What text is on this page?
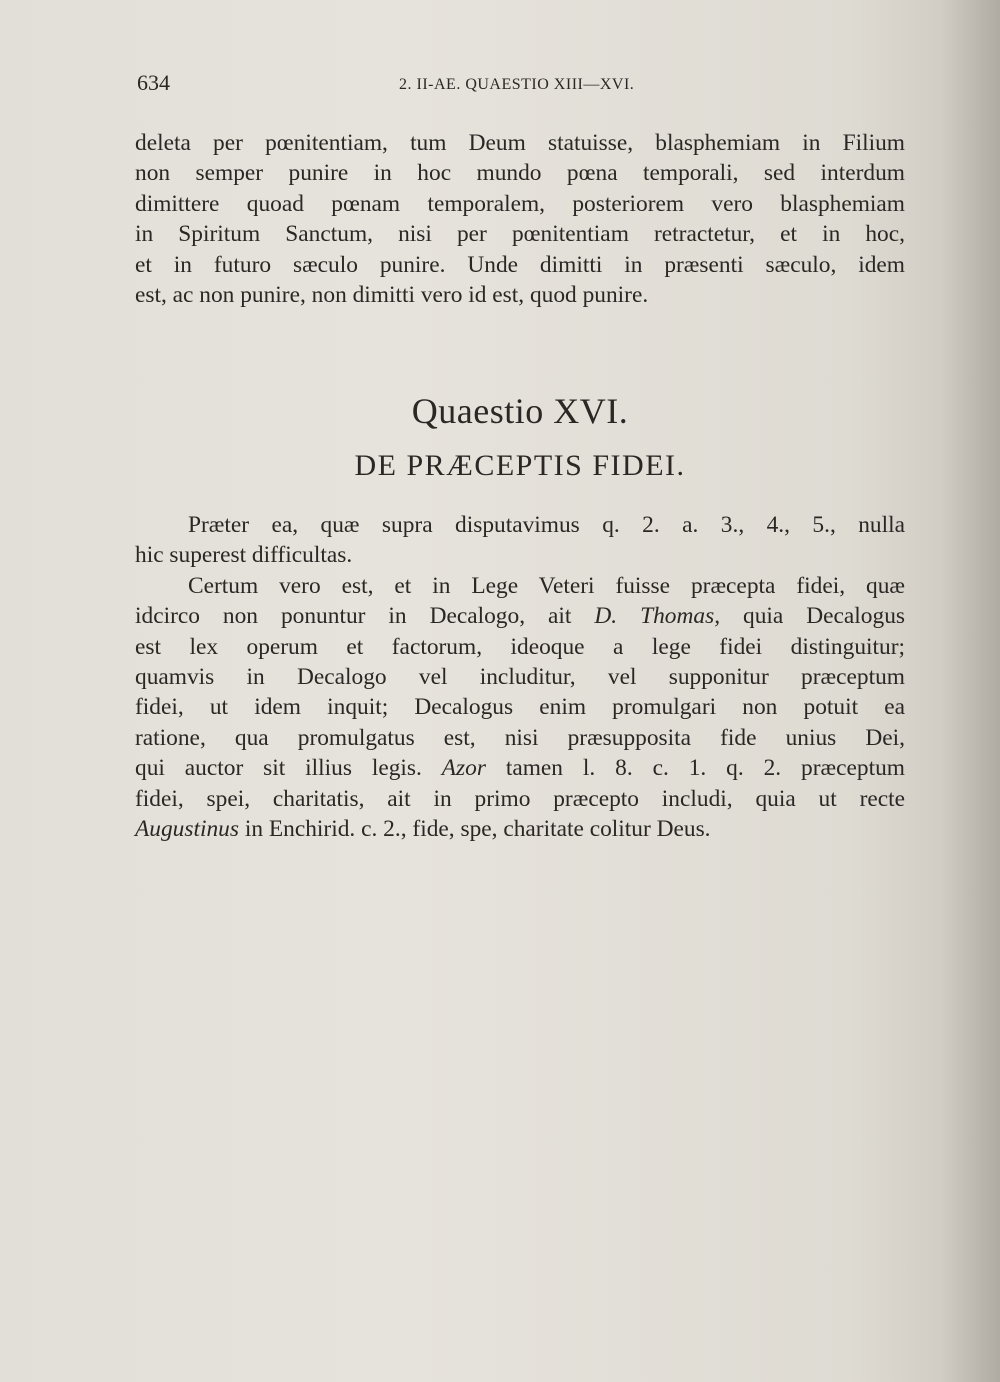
634	2. II-AE. QUAESTIO XIII—XVI.
deleta per pœnitentiam, tum Deum statuisse, blasphemiam in Filium
non semper punire in hoc mundo pœna temporali, sed interdum
dimittere quoad pœnam temporalem, posteriorem vero blasphemiam
in Spiritum Sanctum, nisi per pœnitentiam retractetur, et in hoc,
et in futuro sæculo punire. Unde dimitti in præsenti sæculo, idem
est, ac non punire, non dimitti vero id est, quod punire.
Quaestio XVI.
DE PRÆCEPTIS FIDEI.
Præter ea, quæ supra disputavimus q. 2. a. 3., 4., 5., nulla
hic superest difficultas.
Certum vero est, et in Lege Veteri fuisse præcepta fidei, quæ
idcirco non ponuntur in Decalogo, ait D. Thomas, quia Decalogus
est lex operum et factorum, ideoque a lege fidei distinguitur;
quamvis in Decalogo vel includitur, vel supponitur præceptum
fidei, ut idem inquit; Decalogus enim promulgari non potuit ea
ratione, qua promulgatus est, nisi præsupposita fide unius Dei,
qui auctor sit illius legis. Azor tamen l. 8. c. 1. q. 2. præceptum
fidei, spei, charitatis, ait in primo præcepto includi, quia ut recte
Augustinus in Enchirid. c. 2., fide, spe, charitate colitur Deus.
